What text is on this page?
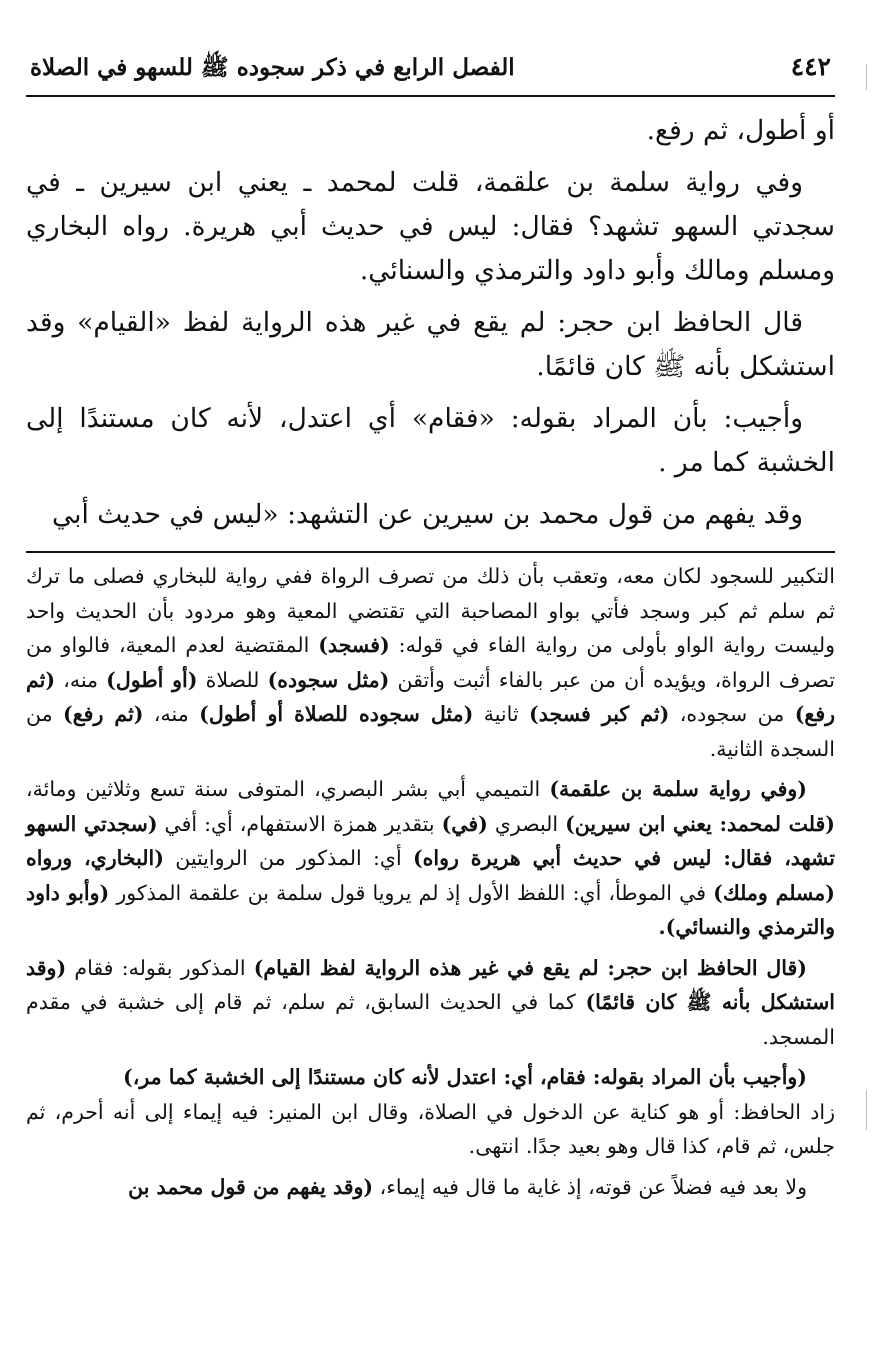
الفصل الرابع في ذكر سجوده ﷺ للسهو في الصلاة	٤٤٢

أو أطول، ثم رفع.

وفي رواية سلمة بن علقمة، قلت لمحمد ـ يعني ابن سيرين ـ في سجدتي السهو تشهد؟ فقال: ليس في حديث أبي هريرة. رواه البخاري ومسلم ومالك وأبو داود والترمذي والسنائي.

قال الحافظ ابن حجر: لم يقع في غير هذه الرواية لفظ «القيام» وقد استشكل بأنه ﷺ كان قائمًا.

وأجيب: بأن المراد بقوله: «فقام» أي اعتدل، لأنه كان مستندًا إلى الخشبة كما مر .

وقد يفهم من قول محمد بن سيرين عن التشهد: «ليس في حديث أبي

التكبير للسجود لكان معه، وتعقب بأن ذلك من تصرف الرواة ففي رواية للبخاري فصلى ما ترك ثم سلم ثم كبر وسجد فأتي بواو المصاحبة التي تقتضي المعية وهو مردود بأن الحديث واحد وليست رواية الواو بأولى من رواية الفاء في قوله: (فسجد) المقتضية لعدم المعية، فالواو من تصرف الرواة، ويؤيده أن من عبر بالفاء أثبت وأتقن (مثل سجوده) للصلاة (أو أطول) منه، (ثم رفع) من سجوده، (ثم كبر فسجد) ثانية (مثل سجوده للصلاة أو أطول) منه، (ثم رفع) من السجدة الثانية.

(وفي رواية سلمة بن علقمة) التميمي أبي بشر البصري، المتوفى سنة تسع وثلاثين ومائة، (قلت لمحمد: يعني ابن سيرين) البصري (في) بتقدير همزة الاستفهام، أي: أفي (سجدتي السهو تشهد، فقال: ليس في حديث أبي هريرة رواه) أي: المذكور من الروايتين (البخاري، ورواه (مسلم وملك) في الموطأ، أي: اللفظ الأول إذ لم يرويا قول سلمة بن علقمة المذكور (وأبو داود والترمذي والنسائي).

(قال الحافظ ابن حجر: لم يقع في غير هذه الرواية لفظ القيام) المذكور بقوله: فقام (وقد استشكل بأنه ﷺ كان قائمًا) كما في الحديث السابق، ثم سلم، ثم قام إلى خشبة في مقدم المسجد.

(وأجيب بأن المراد بقوله: فقام، أي: اعتدل لأنه كان مستندًا إلى الخشبة كما مر،)
زاد الحافظ: أو هو كناية عن الدخول في الصلاة، وقال ابن المنير: فيه إيماء إلى أنه أحرم، ثم جلس، ثم قام، كذا قال وهو بعيد جدًا. انتهى.

ولا بعد فيه فضلاً عن قوته، إذ غاية ما قال فيه إيماء، (وقد يفهم من قول محمد بن
